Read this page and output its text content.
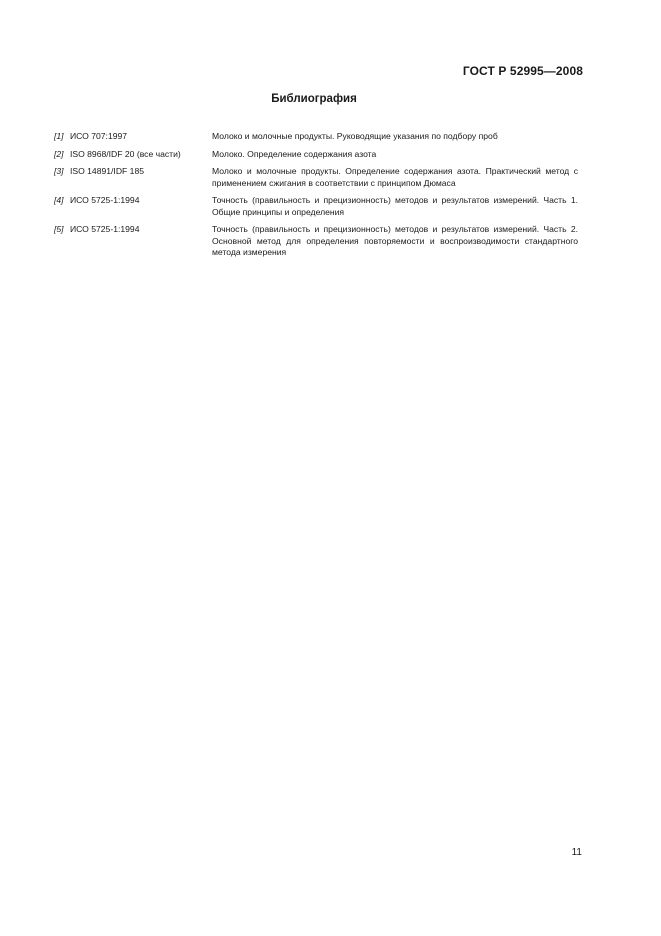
ГОСТ Р 52995—2008
Библиография
[1] ИСО 707:1997	Молоко и молочные продукты. Руководящие указания по подбору проб
[2] ISO 8968/IDF 20 (все части)	Молоко. Определение содержания азота
[3] ISO 14891/IDF 185	Молоко и молочные продукты. Определение содержания азота. Практический метод с применением сжигания в соответствии с принципом Дюмаса
[4] ИСО 5725-1:1994	Точность (правильность и прецизионность) методов и результатов измерений. Часть 1. Общие принципы и определения
[5] ИСО 5725-1:1994	Точность (правильность и прецизионность) методов и результатов измерений. Часть 2. Основной метод для определения повторяемости и воспроизводимости стандартного метода измерения
11
